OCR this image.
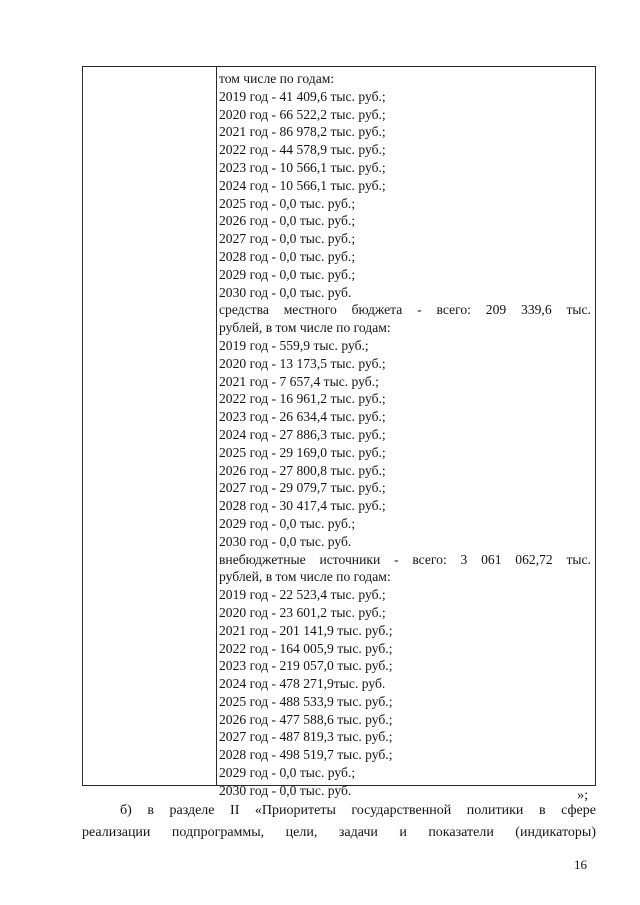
том числе по годам:
2019 год - 41 409,6 тыс. руб.;
2020 год - 66 522,2 тыс. руб.;
2021 год - 86 978,2 тыс. руб.;
2022 год - 44 578,9 тыс. руб.;
2023 год - 10 566,1 тыс. руб.;
2024 год - 10 566,1 тыс. руб.;
2025 год - 0,0 тыс. руб.;
2026 год - 0,0 тыс. руб.;
2027 год - 0,0 тыс. руб.;
2028 год - 0,0 тыс. руб.;
2029 год - 0,0 тыс. руб.;
2030 год - 0,0 тыс. руб.
средства местного бюджета - всего: 209 339,6 тыс.
рублей, в том числе по годам:
2019 год - 559,9 тыс. руб.;
2020 год - 13 173,5 тыс. руб.;
2021 год - 7 657,4 тыс. руб.;
2022 год - 16 961,2 тыс. руб.;
2023 год - 26 634,4 тыс. руб.;
2024 год - 27 886,3 тыс. руб.;
2025 год - 29 169,0 тыс. руб.;
2026 год - 27 800,8 тыс. руб.;
2027 год - 29 079,7 тыс. руб.;
2028 год - 30 417,4 тыс. руб.;
2029 год - 0,0 тыс. руб.;
2030 год - 0,0 тыс. руб.
внебюджетные источники - всего: 3 061 062,72 тыс.
рублей, в том числе по годам:
2019 год - 22 523,4 тыс. руб.;
2020 год - 23 601,2 тыс. руб.;
2021 год - 201 141,9 тыс. руб.;
2022 год - 164 005,9 тыс. руб.;
2023 год - 219 057,0 тыс. руб.;
2024 год - 478 271,9тыс. руб.
2025 год - 488 533,9 тыс. руб.;
2026 год - 477 588,6 тыс. руб.;
2027 год - 487 819,3 тыс. руб.;
2028 год - 498 519,7 тыс. руб.;
2029 год - 0,0 тыс. руб.;
2030 год - 0,0 тыс. руб.	»;
б) в разделе II «Приоритеты государственной политики в сфере
реализации подпрограммы, цели, задачи и показатели (индикаторы)
16
